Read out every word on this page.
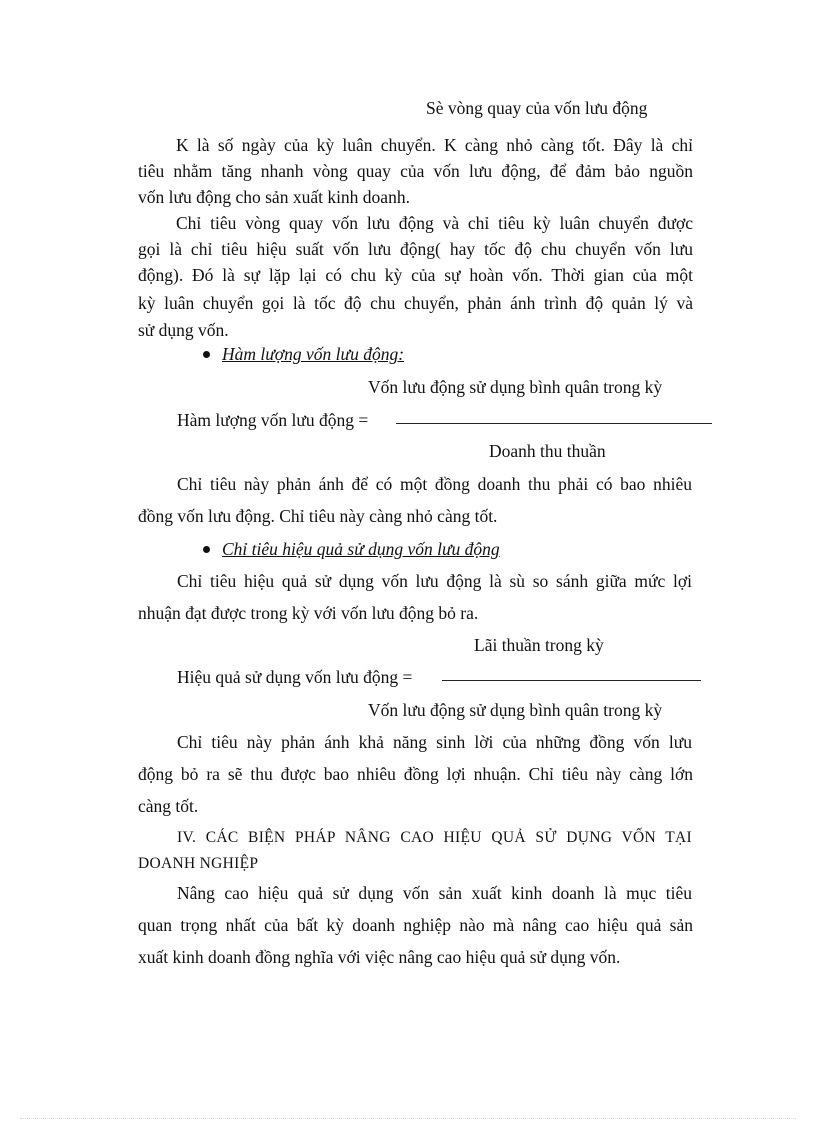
Sè vòng quay của vốn lưu động
K là số ngày của kỳ luân chuyển. K càng nhỏ càng tốt. Đây là chỉ
tiêu nhằm tăng nhanh vòng quay của vốn lưu động, để đảm bảo nguồn
vốn lưu động cho sản xuất kinh doanh.
Chỉ tiêu vòng quay vốn lưu động và chỉ tiêu kỳ luân chuyển được
gọi là chỉ tiêu hiệu suất vốn lưu động( hay tốc độ chu chuyển vốn lưu
động). Đó là sự lặp lại có chu kỳ của sự hoàn vốn. Thời gian của một
kỳ luân chuyển gọi là tốc độ chu chuyển, phản ánh trình độ quản lý và
sử dụng vốn.
Hàm lượng vốn lưu động:
Vốn lưu động sử dụng bình quân trong kỳ
Hàm lượng vốn lưu động =
Doanh thu thuần
Chỉ tiêu này phản ánh để có một đồng doanh thu phải có bao nhiêu
đồng vốn lưu động. Chỉ tiêu này càng nhỏ càng tốt.
Chỉ tiêu hiệu quả sử dụng vốn lưu động
Chỉ tiêu hiệu quả sử dụng vốn lưu động là sù so sánh giữa mức lợi
nhuận đạt được trong kỳ với vốn lưu động bỏ ra.
Lãi thuần trong kỳ
Hiệu quả sử dụng vốn lưu động =
Vốn lưu động sử dụng bình quân trong kỳ
Chỉ tiêu này phản ánh khả năng sinh lời của những đồng vốn lưu
động bỏ ra sẽ thu được bao nhiêu đồng lợi nhuận. Chỉ tiêu này càng lớn
càng tốt.
IV. CÁC BIỆN PHÁP NÂNG CAO HIỆU QUẢ SỬ DỤNG VỐN TẠI
DOANH NGHIỆP
Nâng cao hiệu quả sử dụng vốn sản xuất kinh doanh là mục tiêu
quan trọng nhất của bất kỳ doanh nghiệp nào mà nâng cao hiệu quả sản
xuất kinh doanh đồng nghĩa với việc nâng cao hiệu quả sử dụng vốn.
